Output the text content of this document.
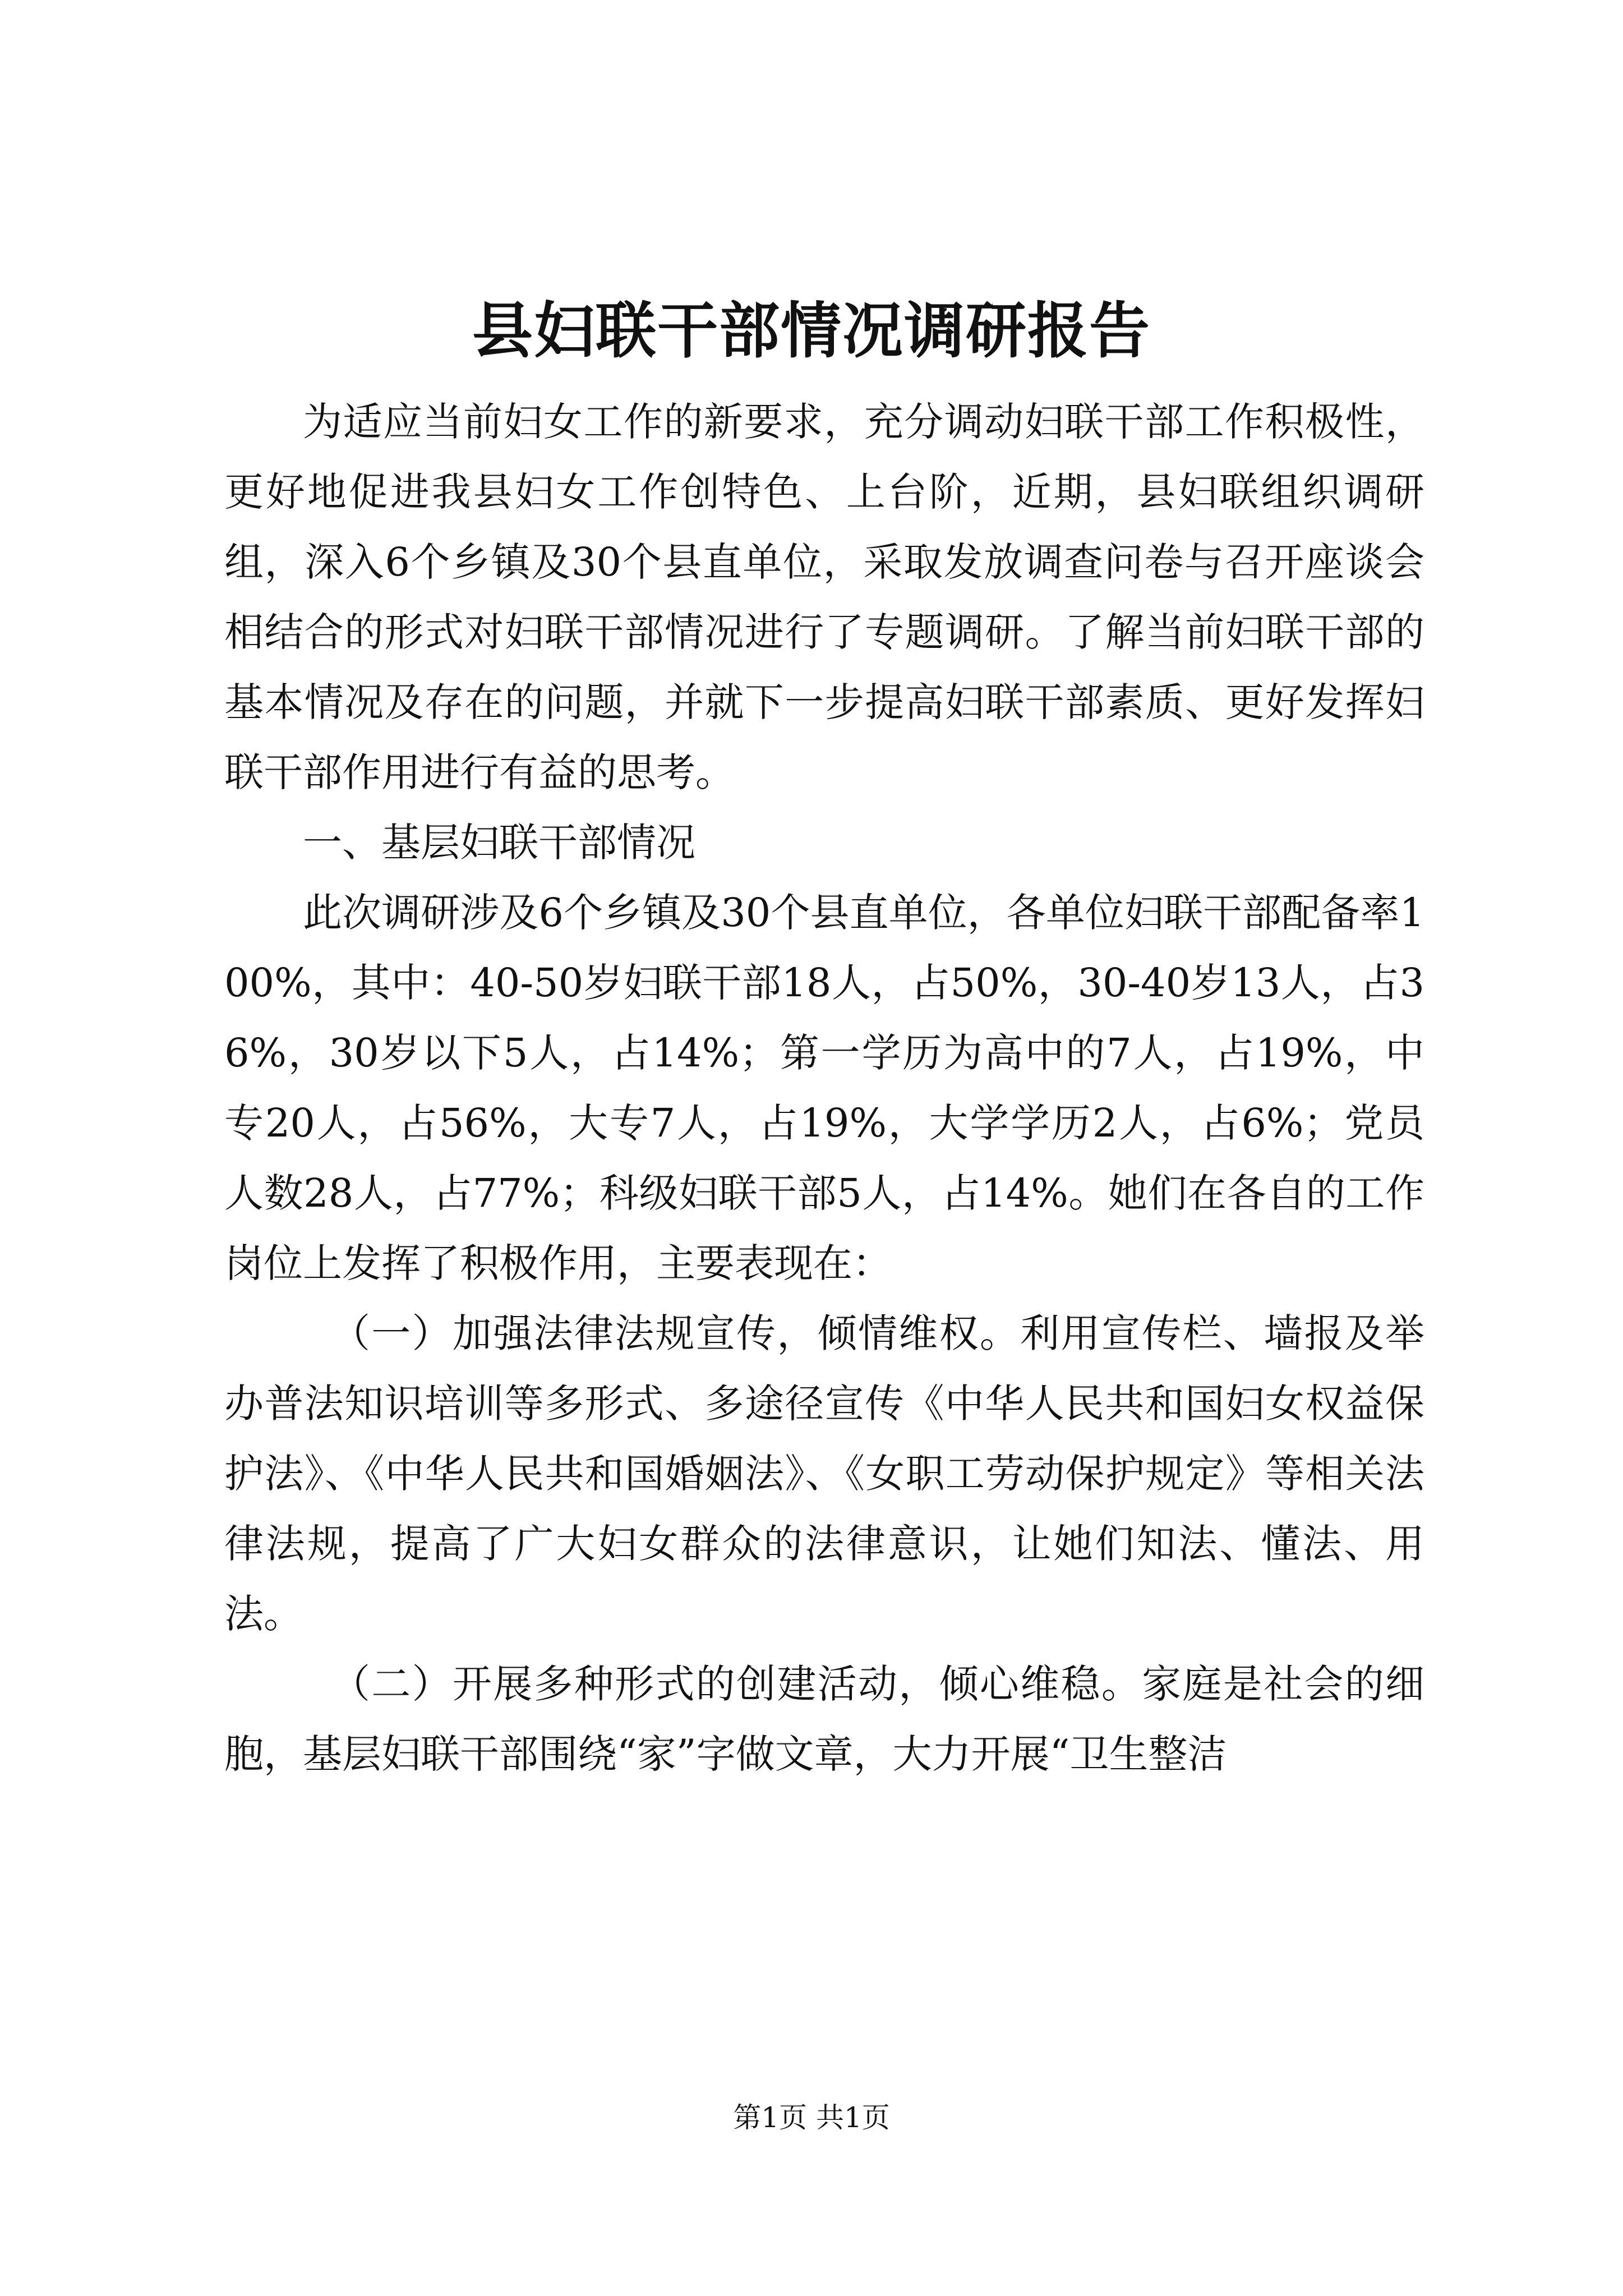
县妇联干部情况调研报告

为适应当前妇女工作的新要求，充分调动妇联干部工作积极性，更好地促进我县妇女工作创特色、上台阶，近期，县妇联组织调研组，深入6个乡镇及30个县直单位，采取发放调查问卷与召开座谈会相结合的形式对妇联干部情况进行了专题调研。了解当前妇联干部的基本情况及存在的问题，并就下一步提高妇联干部素质、更好发挥妇联干部作用进行有益的思考。

一、基层妇联干部情况

此次调研涉及6个乡镇及30个县直单位，各单位妇联干部配备率100%，其中：40-50岁妇联干部18人，占50%，30-40岁13人，占36%，30岁以下5人，占14%；第一学历为高中的7人，占19%，中专20人，占56%，大专7人，占19%，大学学历2人，占6%；党员人数28人，占77%；科级妇联干部5人，占14%。她们在各自的工作岗位上发挥了积极作用，主要表现在：

（一）加强法律法规宣传，倾情维权。利用宣传栏、墙报及举办普法知识培训等多形式、多途径宣传《中华人民共和国妇女权益保护法》、《中华人民共和国婚姻法》、《女职工劳动保护规定》等相关法律法规，提高了广大妇女群众的法律意识，让她们知法、懂法、用法。

（二）开展多种形式的创建活动，倾心维稳。家庭是社会的细胞，基层妇联干部围绕“家”字做文章，大力开展“卫生整洁

第1页 共1页
